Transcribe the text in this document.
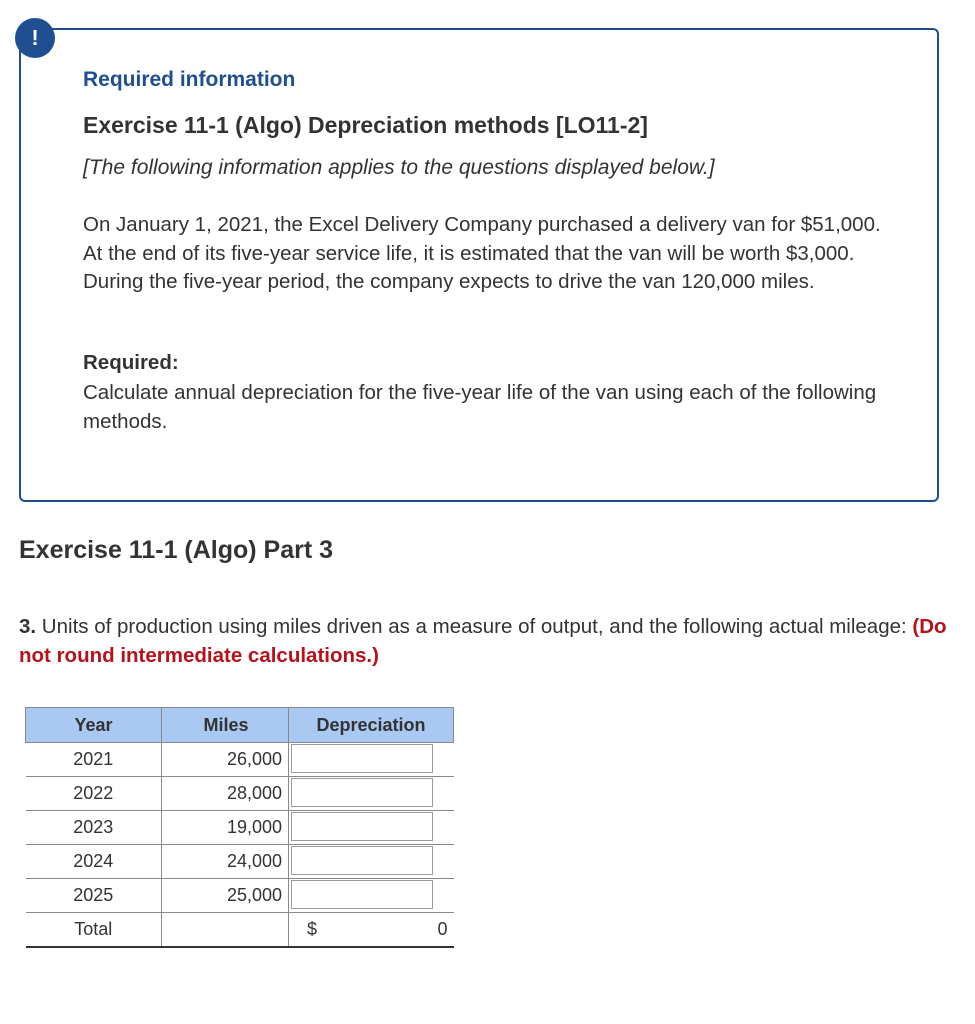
!
Required information
Exercise 11-1 (Algo) Depreciation methods [LO11-2]
[The following information applies to the questions displayed below.]
On January 1, 2021, the Excel Delivery Company purchased a delivery van for $51,000. At the end of its five-year service life, it is estimated that the van will be worth $3,000. During the five-year period, the company expects to drive the van 120,000 miles.
Required:
Calculate annual depreciation for the five-year life of the van using each of the following methods.
Exercise 11-1 (Algo) Part 3
3. Units of production using miles driven as a measure of output, and the following actual mileage: (Do not round intermediate calculations.)
Year	Miles	Depreciation
2021	26,000	

2022	28,000	

2023	19,000	

2024	24,000	

2025	25,000	

Total		$ 0
